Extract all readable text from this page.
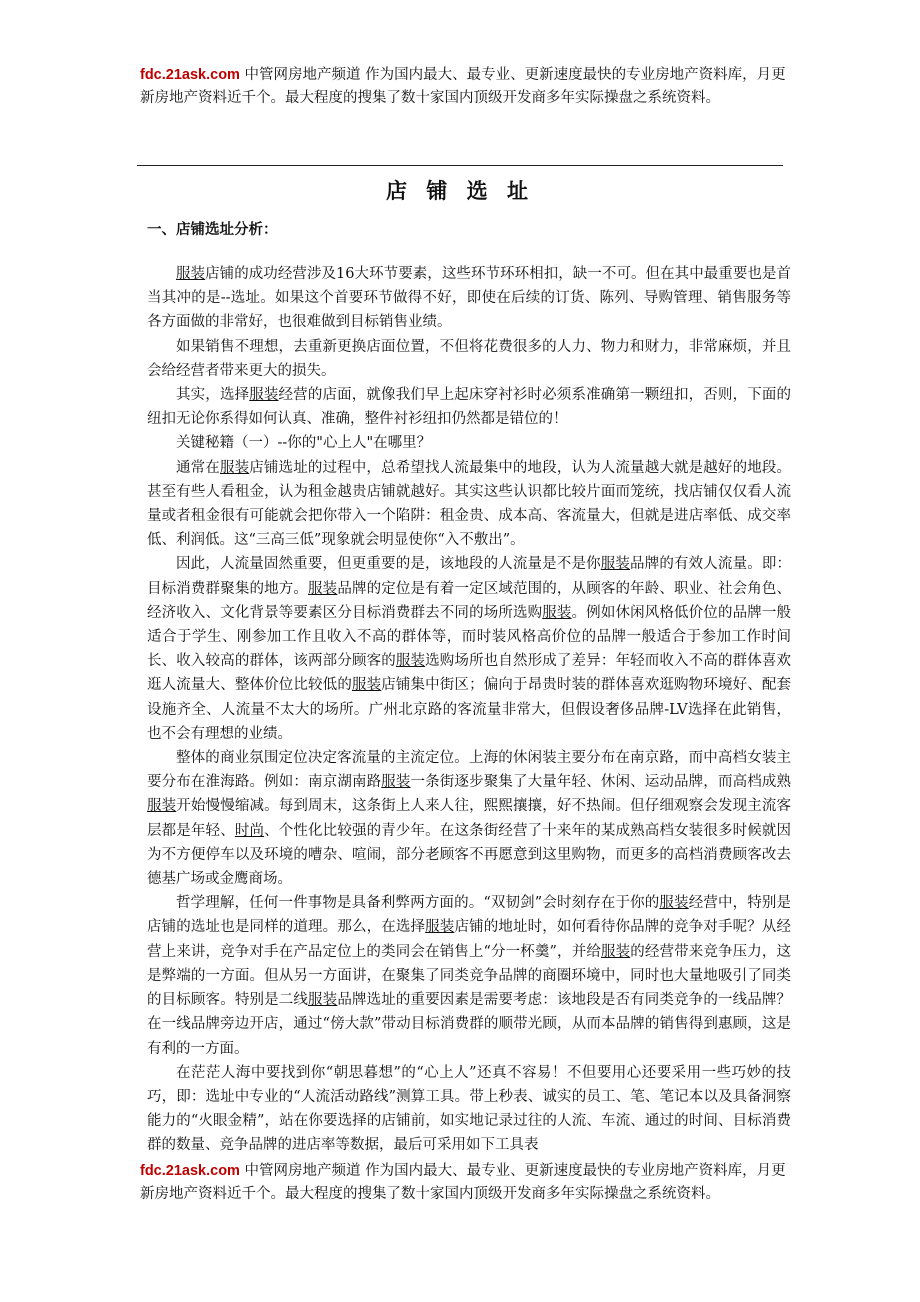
fdc.21ask.com 中管网房地产频道 作为国内最大、最专业、更新速度最快的专业房地产资料库，月更新房地产资料近千个。最大程度的搜集了数十家国内顶级开发商多年实际操盘之系统资料。
店 铺 选 址
一、店铺选址分析：

服装店铺的成功经营涉及16大环节要素，这些环节环环相扣，缺一不可。但在其中最重要也是首当其冲的是--选址。如果这个首要环节做得不好，即使在后续的订货、陈列、导购管理、销售服务等各方面做的非常好，也很难做到目标销售业绩。

如果销售不理想，去重新更换店面位置，不但将花费很多的人力、物力和财力，非常麻烦，并且会给经营者带来更大的损失。

其实，选择服装经营的店面，就像我们早上起床穿衬衫时必须系准确第一颗纽扣，否则，下面的纽扣无论你系得如何认真、准确，整件衬衫纽扣仍然都是错位的！

关键秘籍（一）--你的"心上人"在哪里？

通常在服装店铺选址的过程中，总希望找人流最集中的地段，认为人流量越大就是越好的地段。甚至有些人看租金，认为租金越贵店铺就越好。其实这些认识都比较片面而笼统，找店铺仅仅看人流量或者租金很有可能就会把你带入一个陷阱：租金贵、成本高、客流量大，但就是进店率低、成交率低、利润低。这“三高三低”现象就会明显使你“入不敷出”。

因此，人流量固然重要，但更重要的是，该地段的人流量是不是你服装品牌的有效人流量。即：目标消费群聚集的地方。服装品牌的定位是有着一定区域范围的，从顾客的年龄、职业、社会角色、经济收入、文化背景等要素区分目标消费群去不同的场所选购服装。例如休闲风格低价位的品牌一般适合于学生、刚参加工作且收入不高的群体等，而时装风格高价位的品牌一般适合于参加工作时间长、收入较高的群体，该两部分顾客的服装选购场所也自然形成了差异：年轻而收入不高的群体喜欢逛人流量大、整体价位比较低的服装店铺集中街区；偏向于昂贵时装的群体喜欢逛购物环境好、配套设施齐全、人流量不太大的场所。广州北京路的客流量非常大，但假设奢侈品牌-LV选择在此销售，也不会有理想的业绩。

整体的商业氛围定位决定客流量的主流定位。上海的休闲装主要分布在南京路，而中高档女装主要分布在淮海路。例如：南京湖南路服装一条街逐步聚集了大量年轻、休闲、运动品牌，而高档成熟服装开始慢慢缩减。每到周末，这条街上人来人往，熙熙攘攘，好不热闹。但仔细观察会发现主流客层都是年轻、时尚、个性化比较强的青少年。在这条街经营了十来年的某成熟高档女装很多时候就因为不方便停车以及环境的嘈杂、喧闹，部分老顾客不再愿意到这里购物，而更多的高档消费顾客改去德基广场或金鹰商场。

哲学理解，任何一件事物是具备利弊两方面的。“双韧剑”会时刻存在于你的服装经营中，特别是店铺的选址也是同样的道理。那么，在选择服装店铺的地址时，如何看待你品牌的竞争对手呢？从经营上来讲，竞争对手在产品定位上的类同会在销售上“分一杯羹”，并给服装的经营带来竞争压力，这是弊端的一方面。但从另一方面讲，在聚集了同类竞争品牌的商圈环境中，同时也大量地吸引了同类的目标顾客。特别是二线服装品牌选址的重要因素是需要考虑：该地段是否有同类竞争的一线品牌？在一线品牌旁边开店，通过“傍大款”带动目标消费群的顺带光顾，从而本品牌的销售得到惠顾，这是有利的一方面。

在茫茫人海中要找到你“朝思暮想”的“心上人”还真不容易！不但要用心还要采用一些巧妙的技巧，即：选址中专业的“人流活动路线”测算工具。带上秒表、诚实的员工、笔、笔记本以及具备洞察能力的“火眼金精”，站在你要选择的店铺前，如实地记录过往的人流、车流、通过的时间、目标消费群的数量、竞争品牌的进店率等数据，最后可采用如下工具表

fdc.21ask.com 中管网房地产频道 作为国内最大、最专业、更新速度最快的专业房地产资料库，月更新房地产资料近千个。最大程度的搜集了数十家国内顶级开发商多年实际操盘之系统资料。
